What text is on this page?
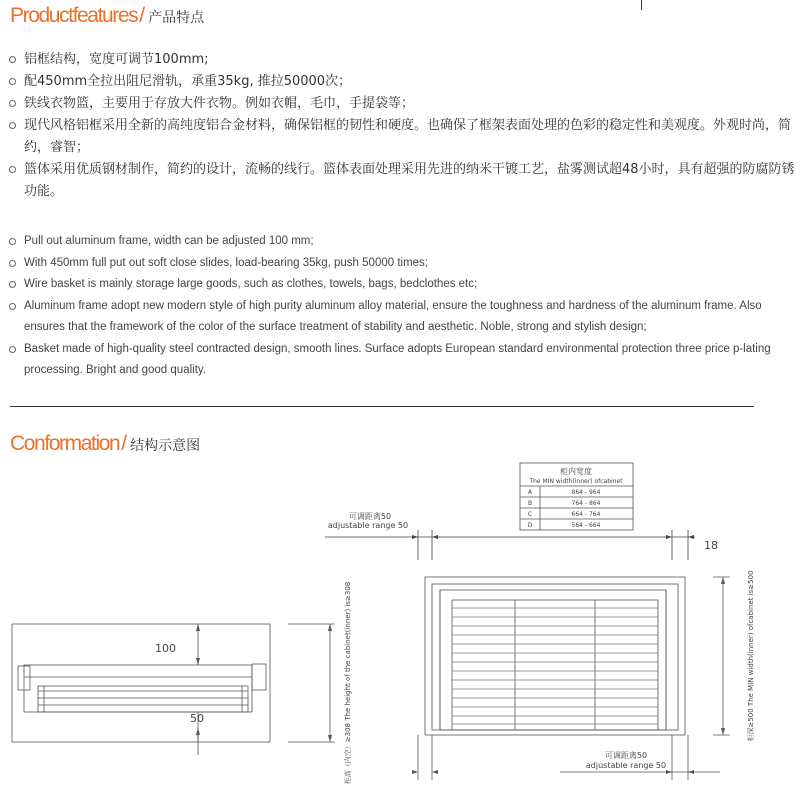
Productfeatures/ 产品特点
铝框结构，宽度可调节100mm;
配450mm全拉出阻尼滑轨，承重35kg, 推拉50000次；
铁线衣物篮，主要用于存放大件衣物。例如衣帽，毛巾，手提袋等；
现代风格铝框采用全新的高纯度铝合金材料，确保铝框的韧性和硬度。也确保了框架表面处理的色彩的稳定性和美观度。外观时尚，简约，睿智；
篮体采用优质钢材制作，简约的设计，流畅的线行。篮体表面处理采用先进的纳米干镀工艺，盐雾测试超48小时，具有超强的防腐防锈功能。
Pull out aluminum frame, width can be adjusted 100 mm;
With 450mm full put out soft close slides, load-bearing 35kg, push 50000 times;
Wire basket is mainly storage large goods, such as clothes, towels, bags, bedclothes etc;
Aluminum frame adopt new modern style of high purity aluminum alloy material, ensure the toughness and hardness of the aluminum frame. Also ensures that the framework of the color of the surface treatment of stability and aesthetic. Noble, strong and stylish design;
Basket made of high-quality steel contracted design, smooth lines. Surface adopts European standard environmental protection three price p-lating processing. Bright and good quality.
Conformation/ 结构示意图
柜内宽度
The MIN width(inner) ofcabinet
A	864 - 964
B	764 - 864
C	664 - 764
D	564 - 664
可调距离50
adjustable range 50
18
100
50	柜高（内空）≥308 The height of the cabinet(inner) is≥308	柜深≥500 The MIN width(inner) ofcabinet is≥500
可调距离50
adjustable range 50
